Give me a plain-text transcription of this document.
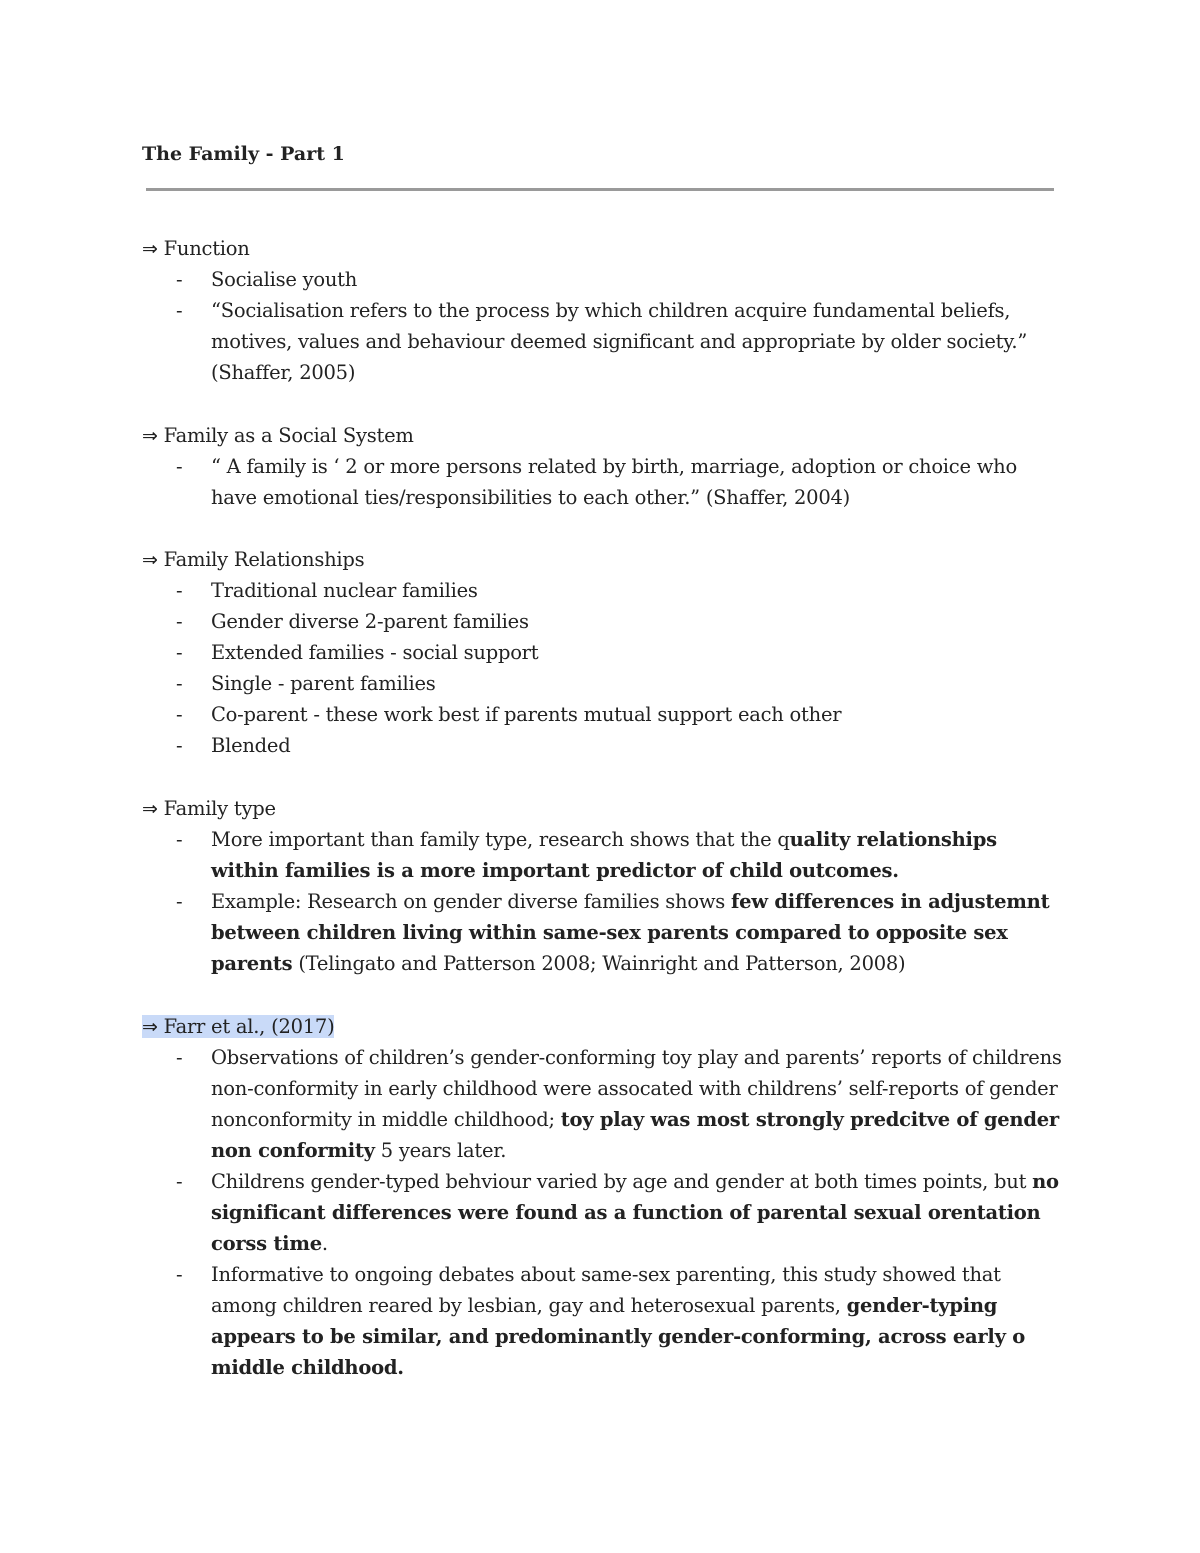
The Family - Part 1
⇒ Function
- Socialise youth
- “Socialisation refers to the process by which children acquire fundamental beliefs, motives, values and behaviour deemed significant and appropriate by older society.” (Shaffer, 2005)
⇒ Family as a Social System
- “ A family is ‘ 2 or more persons related by birth, marriage, adoption or choice who have emotional ties/responsibilities to each other.” (Shaffer, 2004)
⇒ Family Relationships
- Traditional nuclear families
- Gender diverse 2-parent families
- Extended families - social support
- Single - parent families
- Co-parent - these work best if parents mutual support each other
- Blended
⇒ Family type
- More important than family type, research shows that the quality relationships within families is a more important predictor of child outcomes.
- Example: Research on gender diverse families shows few differences in adjustemnt between children living within same-sex parents compared to opposite sex parents (Telingato and Patterson 2008; Wainright and Patterson, 2008)
⇒ Farr et al., (2017)
- Observations of children’s gender-conforming toy play and parents’ reports of childrens non-conformity in early childhood were assocated with childrens’ self-reports of gender nonconformity in middle childhood; toy play was most strongly predcitve of gender non conformity 5 years later.
- Childrens gender-typed behviour varied by age and gender at both times points, but no significant differences were found as a function of parental sexual orentation corss time.
- Informative to ongoing debates about same-sex parenting, this study showed that among children reared by lesbian, gay and heterosexual parents, gender-typing appears to be similar, and predominantly gender-conforming, across early o middle childhood.
